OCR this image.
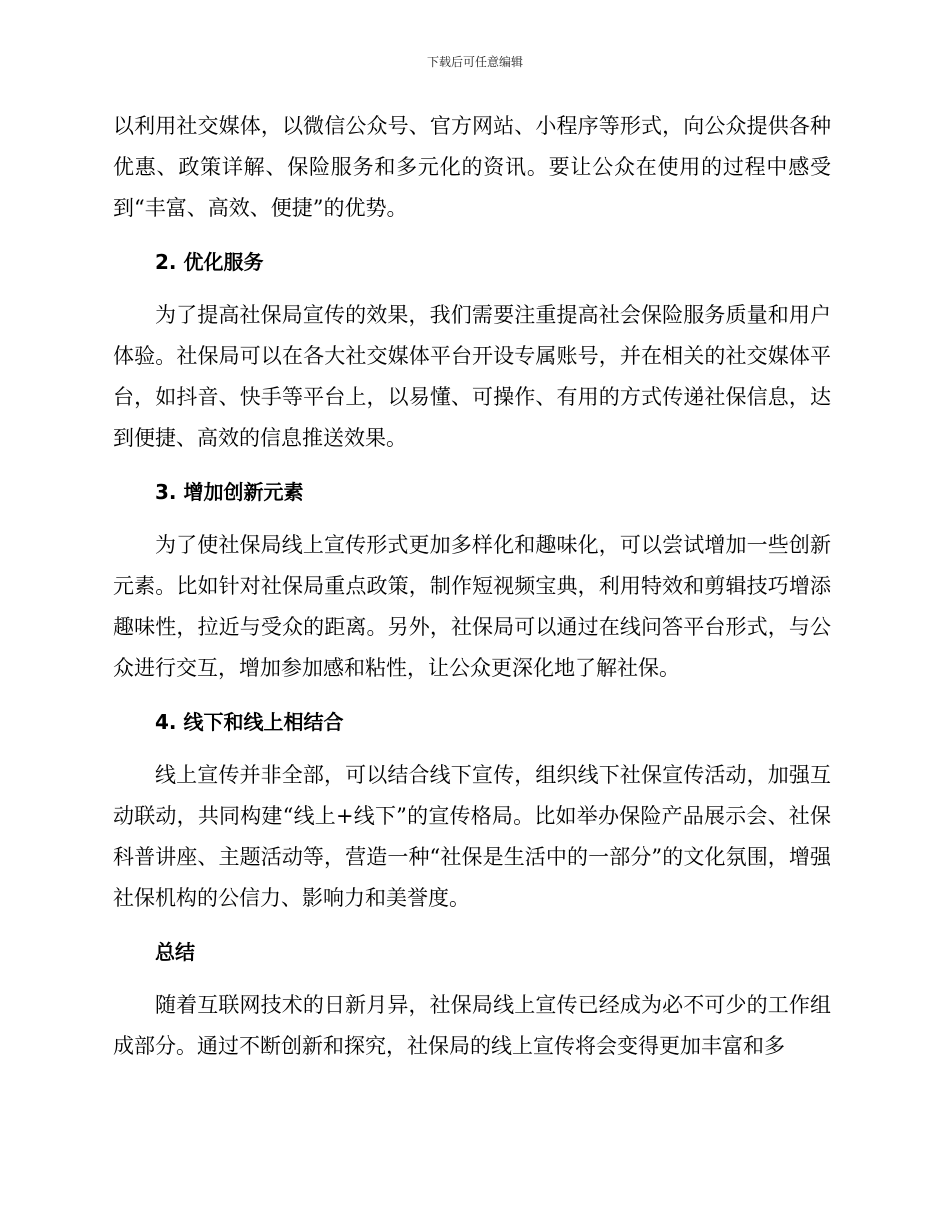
下载后可任意编辑

以利用社交媒体，以微信公众号、官方网站、小程序等形式，向公众提供各种优惠、政策详解、保险服务和多元化的资讯。要让公众在使用的过程中感受到“丰富、高效、便捷”的优势。

2. 优化服务

为了提高社保局宣传的效果，我们需要注重提高社会保险服务质量和用户体验。社保局可以在各大社交媒体平台开设专属账号，并在相关的社交媒体平台，如抖音、快手等平台上，以易懂、可操作、有用的方式传递社保信息，达到便捷、高效的信息推送效果。

3. 增加创新元素

为了使社保局线上宣传形式更加多样化和趣味化，可以尝试增加一些创新元素。比如针对社保局重点政策，制作短视频宝典，利用特效和剪辑技巧增添趣味性，拉近与受众的距离。另外，社保局可以通过在线问答平台形式，与公众进行交互，增加参加感和粘性，让公众更深化地了解社保。

4. 线下和线上相结合

线上宣传并非全部，可以结合线下宣传，组织线下社保宣传活动，加强互动联动，共同构建“线上+线下”的宣传格局。比如举办保险产品展示会、社保科普讲座、主题活动等，营造一种“社保是生活中的一部分”的文化氛围，增强社保机构的公信力、影响力和美誉度。

总结

随着互联网技术的日新月异，社保局线上宣传已经成为必不可少的工作组成部分。通过不断创新和探究，社保局的线上宣传将会变得更加丰富和多
